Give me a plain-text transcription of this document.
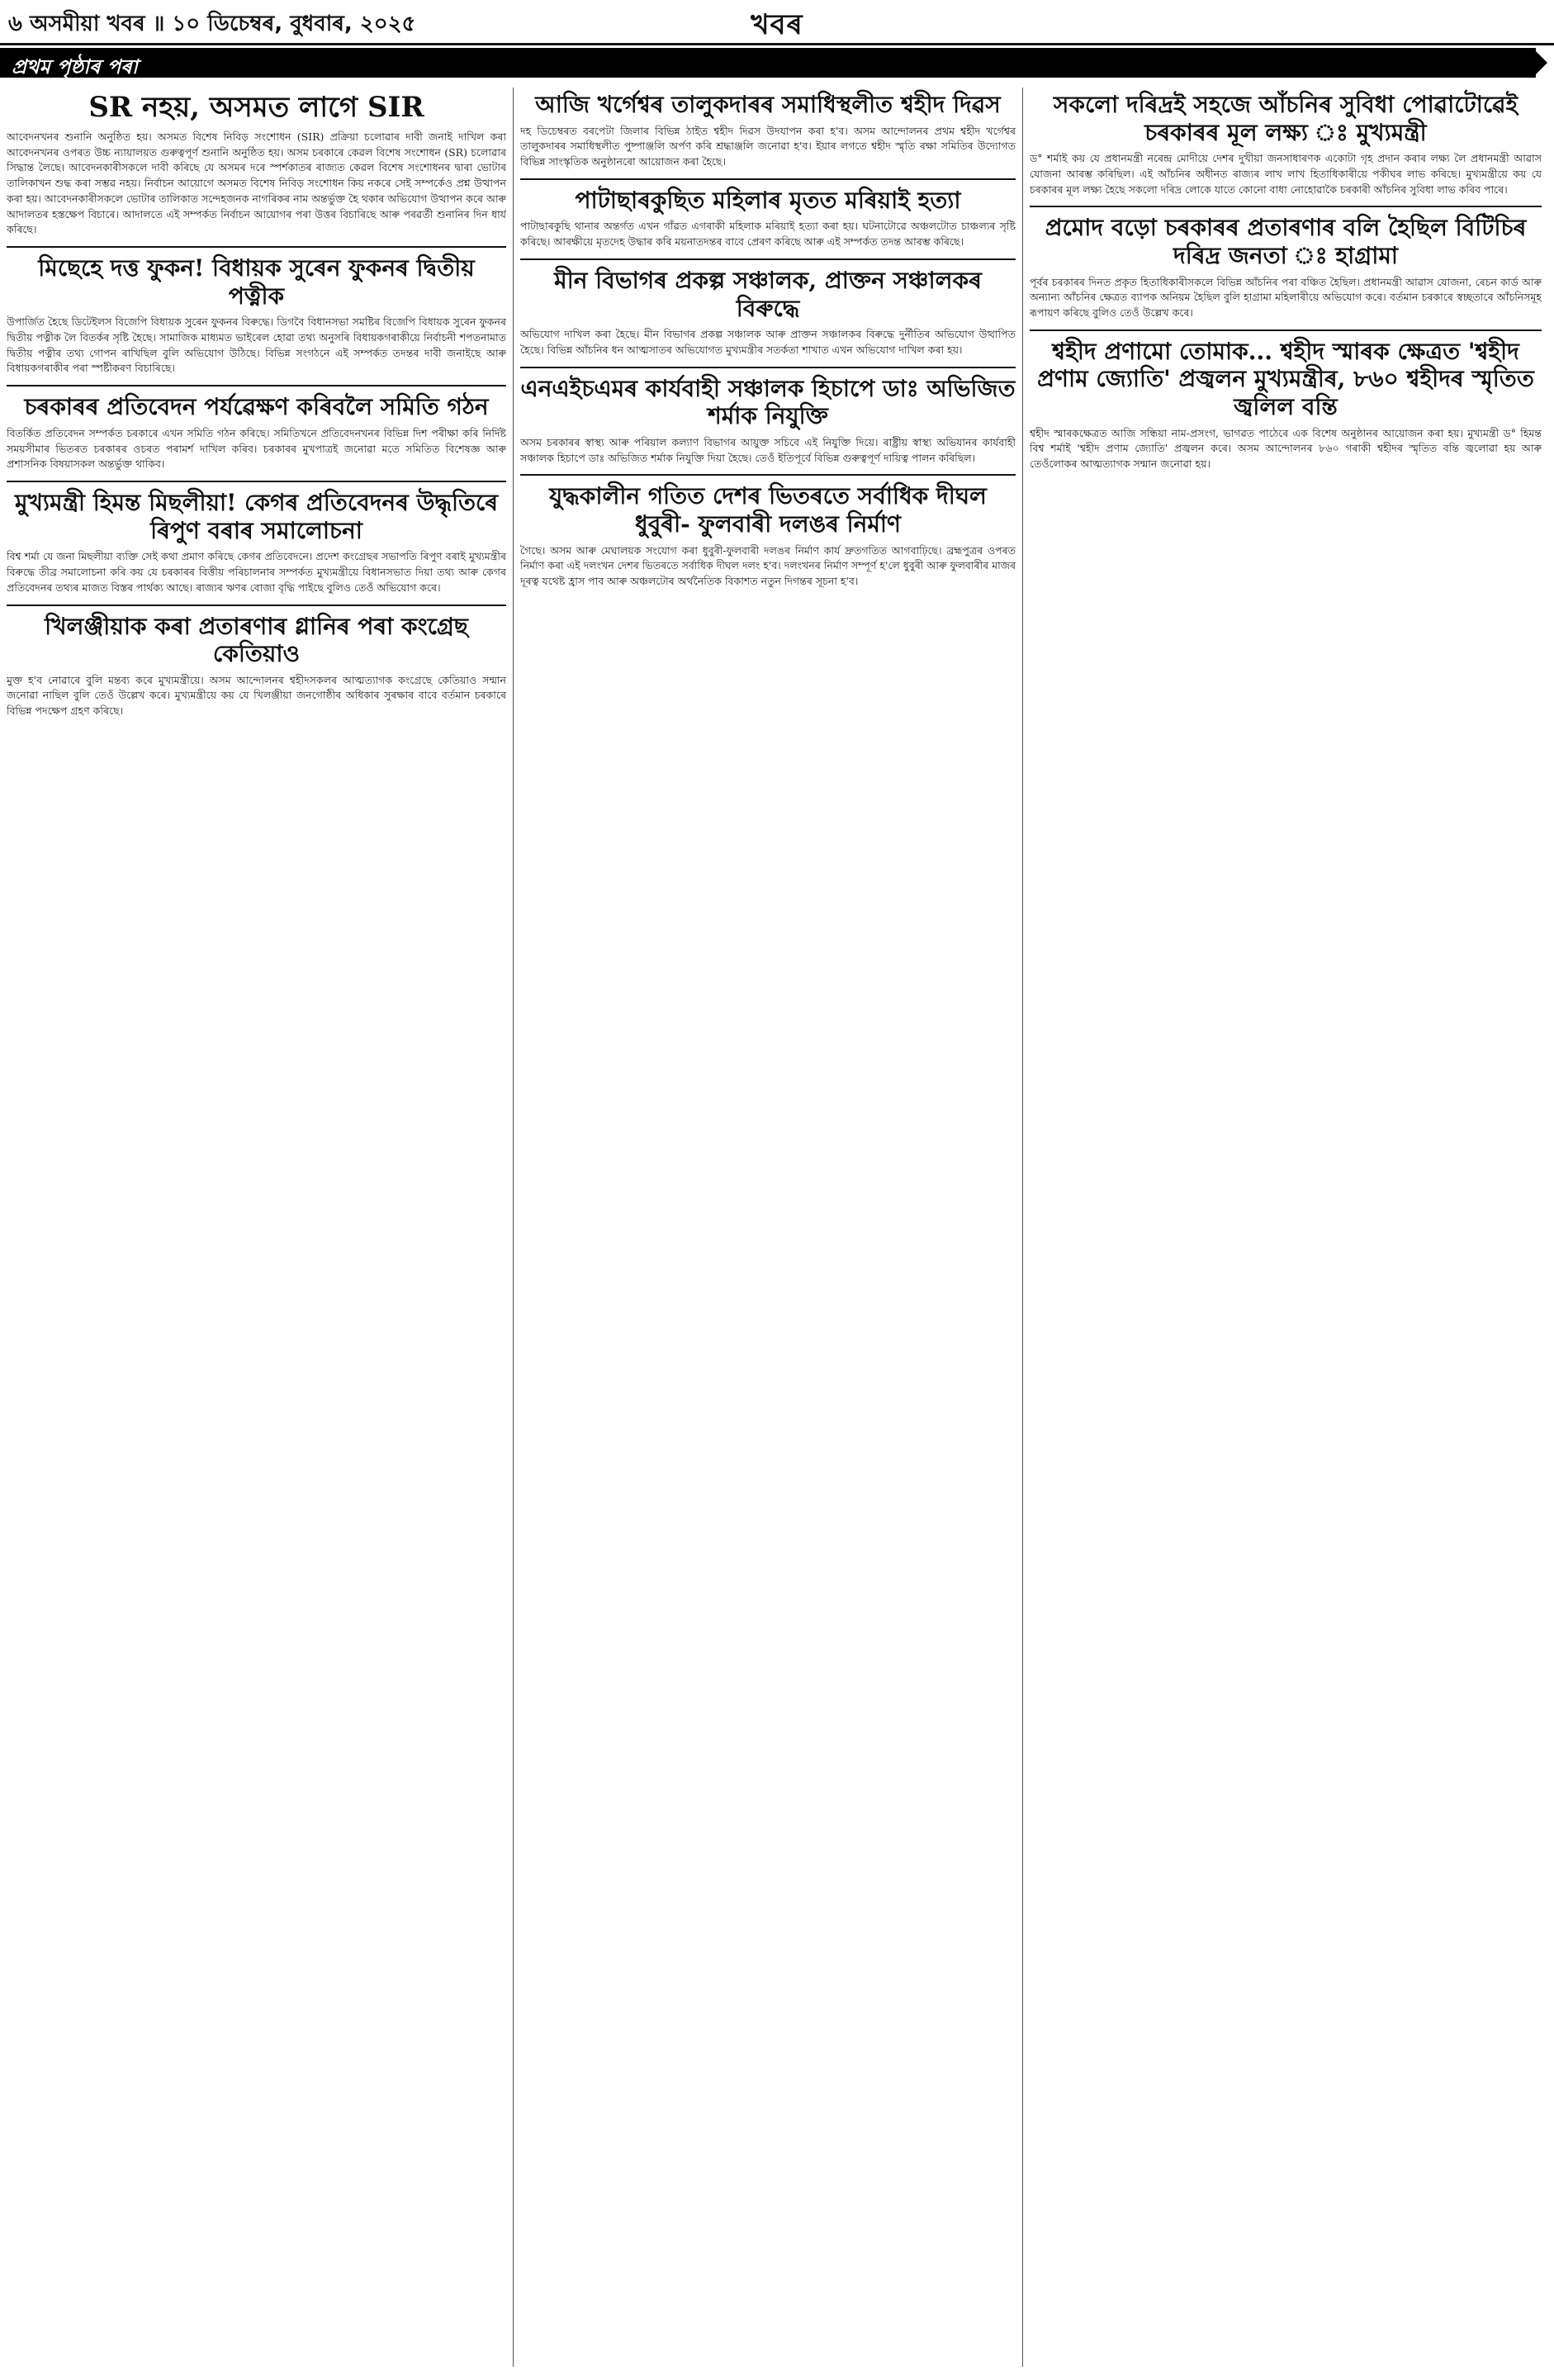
৬ অসমীয়া খবৰ ॥ ১০ ডিচেম্বৰ, বুধবাৰ, ২০২৫	খবৰ
প্ৰথম পৃষ্ঠাৰ পৰা
SR নহয়, অসমত লাগে SIR
আবেদনখনৰ শুনানি অনুষ্ঠিত হয়। অসমত বিশেষ নিবিড় সংশোধন (SIR) প্ৰক্ৰিয়া চলোৱাৰ দাবী জনাই দাখিল কৰা আবেদনখনৰ ওপৰত উচ্চ ন্যায়ালয়ত গুৰুত্বপূৰ্ণ শুনানি অনুষ্ঠিত হয়। অসম চৰকাৰে কেৱল বিশেষ সংশোধন (SR) চলোৱাৰ সিদ্ধান্ত লৈছে। আবেদনকাৰীসকলে দাবী কৰিছে যে অসমৰ দৰে স্পৰ্শকাতৰ ৰাজ্যত কেৱল বিশেষ সংশোধনৰ দ্বাৰা ভোটাৰ তালিকাখন শুদ্ধ কৰা সম্ভৱ নহয়। নিৰ্বাচন আয়োগে অসমত বিশেষ নিবিড় সংশোধন কিয় নকৰে সেই সম্পৰ্কেও প্ৰশ্ন উত্থাপন কৰা হয়। আবেদনকাৰীসকলে ভোটাৰ তালিকাত সন্দেহজনক নাগৰিকৰ নাম অন্তৰ্ভুক্ত হৈ থকাৰ অভিযোগ উত্থাপন কৰে আৰু আদালতৰ হস্তক্ষেপ বিচাৰে। আদালতে এই সম্পৰ্কত নিৰ্বাচন আয়োগৰ পৰা উত্তৰ বিচাৰিছে আৰু পৰৱৰ্তী শুনানিৰ দিন ধাৰ্য কৰিছে।
মিছেহে দত্ত ফুকন! বিধায়ক সুৰেন ফুকনৰ দ্বিতীয় পত্নীক
উপাৰ্জিত হৈছে ডিটেইলস বিজেপি বিধায়ক সুৰেন ফুকনৰ বিৰুদ্ধে। ডিগবৈ বিধানসভা সমষ্টিৰ বিজেপি বিধায়ক সুৰেন ফুকনৰ দ্বিতীয় পত্নীক লৈ বিতৰ্কৰ সৃষ্টি হৈছে। সামাজিক মাধ্যমত ভাইৰেল হোৱা তথ্য অনুসৰি বিধায়কগৰাকীয়ে নিৰ্বাচনী শপতনামাত দ্বিতীয় পত্নীৰ তথ্য গোপন ৰাখিছিল বুলি অভিযোগ উঠিছে। বিভিন্ন সংগঠনে এই সম্পৰ্কত তদন্তৰ দাবী জনাইছে আৰু বিধায়কগৰাকীৰ পৰা স্পষ্টীকৰণ বিচাৰিছে।
চৰকাৰৰ প্ৰতিবেদন পৰ্যৱেক্ষণ কৰিবলৈ সমিতি গঠন
বিতৰ্কিত প্ৰতিবেদন সম্পৰ্কত চৰকাৰে এখন সমিতি গঠন কৰিছে। সমিতিখনে প্ৰতিবেদনখনৰ বিভিন্ন দিশ পৰীক্ষা কৰি নিৰ্দিষ্ট সময়সীমাৰ ভিতৰত চৰকাৰৰ ওচৰত পৰামৰ্শ দাখিল কৰিব। চৰকাৰৰ মুখপাত্ৰই জনোৱা মতে সমিতিত বিশেষজ্ঞ আৰু প্ৰশাসনিক বিষয়াসকল অন্তৰ্ভুক্ত থাকিব।
মুখ্যমন্ত্ৰী হিমন্ত মিছলীয়া! কেগৰ প্ৰতিবেদনৰ উদ্ধৃতিৰে ৰিপুণ বৰাৰ সমালোচনা
বিশ্ব শৰ্মা যে জনা মিছলীয়া ব্যক্তি সেই কথা প্ৰমাণ কৰিছে কেগৰ প্ৰতিবেদনে। প্ৰদেশ কংগ্ৰেছৰ সভাপতি ৰিপুণ বৰাই মুখ্যমন্ত্ৰীৰ বিৰুদ্ধে তীব্ৰ সমালোচনা কৰি কয় যে চৰকাৰৰ বিত্তীয় পৰিচালনাৰ সম্পৰ্কত মুখ্যমন্ত্ৰীয়ে বিধানসভাত দিয়া তথ্য আৰু কেগৰ প্ৰতিবেদনৰ তথ্যৰ মাজত বিস্তৰ পাৰ্থক্য আছে। ৰাজ্যৰ ঋণৰ বোজা বৃদ্ধি পাইছে বুলিও তেওঁ অভিযোগ কৰে।
খিলঞ্জীয়াক কৰা প্ৰতাৰণাৰ গ্লানিৰ পৰা কংগ্ৰেছ কেতিয়াও
মুক্ত হ'ব নোৱাৰে বুলি মন্তব্য কৰে মুখ্যমন্ত্ৰীয়ে। অসম আন্দোলনৰ শ্বহীদসকলৰ আত্মত্যাগক কংগ্ৰেছে কেতিয়াও সন্মান জনোৱা নাছিল বুলি তেওঁ উল্লেখ কৰে। মুখ্যমন্ত্ৰীয়ে কয় যে খিলঞ্জীয়া জনগোষ্ঠীৰ অধিকাৰ সুৰক্ষাৰ বাবে বৰ্তমান চৰকাৰে বিভিন্ন পদক্ষেপ গ্ৰহণ কৰিছে।
আজি খৰ্গেশ্বৰ তালুকদাৰৰ সমাধিস্থলীত শ্বহীদ দিৱস
দহ ডিচেম্বৰত বৰপেটা জিলাৰ বিভিন্ন ঠাইত শ্বহীদ দিৱস উদযাপন কৰা হ'ব। অসম আন্দোলনৰ প্ৰথম শ্বহীদ খৰ্গেশ্বৰ তালুকদাৰৰ সমাধিস্থলীত পুষ্পাঞ্জলি অৰ্পণ কৰি শ্ৰদ্ধাঞ্জলি জনোৱা হ'ব। ইয়াৰ লগতে শ্বহীদ স্মৃতি ৰক্ষা সমিতিৰ উদ্যোগত বিভিন্ন সাংস্কৃতিক অনুষ্ঠানৰো আয়োজন কৰা হৈছে।
পাটাছাৰকুছিত মহিলাৰ মৃতত মৰিয়াই হত্যা
পাটাছাৰকুছি থানাৰ অন্তৰ্গত এখন গাঁৱত এগৰাকী মহিলাক মৰিয়াই হত্যা কৰা হয়। ঘটনাটোৱে অঞ্চলটোত চাঞ্চল্যৰ সৃষ্টি কৰিছে। আৰক্ষীয়ে মৃতদেহ উদ্ধাৰ কৰি ময়নাতদন্তৰ বাবে প্ৰেৰণ কৰিছে আৰু এই সম্পৰ্কত তদন্ত আৰম্ভ কৰিছে।
মীন বিভাগৰ প্ৰকল্প সঞ্চালক, প্ৰাক্তন সঞ্চালকৰ বিৰুদ্ধে
অভিযোগ দাখিল কৰা হৈছে। মীন বিভাগৰ প্ৰকল্প সঞ্চালক আৰু প্ৰাক্তন সঞ্চালকৰ বিৰুদ্ধে দুৰ্নীতিৰ অভিযোগ উত্থাপিত হৈছে। বিভিন্ন আঁচনিৰ ধন আত্মসাতৰ অভিযোগত মুখ্যমন্ত্ৰীৰ সতৰ্কতা শাখাত এখন অভিযোগ দাখিল কৰা হয়।
এনএইচএমৰ কাৰ্যবাহী সঞ্চালক হিচাপে ডাঃ অভিজিত শৰ্মাক নিযুক্তি
অসম চৰকাৰৰ স্বাস্থ্য আৰু পৰিয়াল কল্যাণ বিভাগৰ আয়ুক্ত সচিবে এই নিযুক্তি দিয়ে। ৰাষ্ট্ৰীয় স্বাস্থ্য অভিযানৰ কাৰ্যবাহী সঞ্চালক হিচাপে ডাঃ অভিজিত শৰ্মাক নিযুক্তি দিয়া হৈছে। তেওঁ ইতিপূৰ্বে বিভিন্ন গুৰুত্বপূৰ্ণ দায়িত্ব পালন কৰিছিল।
যুদ্ধকালীন গতিত দেশৰ ভিতৰতে সৰ্বাধিক দীঘল ধুবুৰী- ফুলবাৰী দলঙৰ নিৰ্মাণ
গৈছে। অসম আৰু মেঘালয়ক সংযোগ কৰা ধুবুৰী-ফুলবাৰী দলঙৰ নিৰ্মাণ কাৰ্য দ্ৰুতগতিত আগবাঢ়িছে। ব্ৰহ্মপুত্ৰৰ ওপৰত নিৰ্মাণ কৰা এই দলংখন দেশৰ ভিতৰতে সৰ্বাধিক দীঘল দলং হ'ব। দলংখনৰ নিৰ্মাণ সম্পূৰ্ণ হ'লে ধুবুৰী আৰু ফুলবাৰীৰ মাজৰ দূৰত্ব যথেষ্ট হ্ৰাস পাব আৰু অঞ্চলটোৰ অৰ্থনৈতিক বিকাশত নতুন দিগন্তৰ সূচনা হ'ব।
সকলো দৰিদ্ৰই সহজে আঁচনিৰ সুবিধা পোৱাটোৱেই চৰকাৰৰ মূল লক্ষ্য ঃ মুখ্যমন্ত্ৰী
ড° শৰ্মাই কয় যে প্ৰধানমন্ত্ৰী নৰেন্দ্ৰ মোদীয়ে দেশৰ দুখীয়া জনসাধাৰণক একোটা গৃহ প্ৰদান কৰাৰ লক্ষ্য লৈ প্ৰধানমন্ত্ৰী আৱাস যোজনা আৰম্ভ কৰিছিল। এই আঁচনিৰ অধীনত ৰাজ্যৰ লাখ লাখ হিতাধিকাৰীয়ে পকীঘৰ লাভ কৰিছে। মুখ্যমন্ত্ৰীয়ে কয় যে চৰকাৰৰ মূল লক্ষ্য হৈছে সকলো দৰিদ্ৰ লোকে যাতে কোনো বাধা নোহোৱাকৈ চৰকাৰী আঁচনিৰ সুবিধা লাভ কৰিব পাৰে।
প্ৰমোদ বড়ো চৰকাৰৰ প্ৰতাৰণাৰ বলি হৈছিল বিটিচিৰ দৰিদ্ৰ জনতা ঃ হাগ্ৰামা
পূৰ্বৰ চৰকাৰৰ দিনত প্ৰকৃত হিতাধিকাৰীসকলে বিভিন্ন আঁচনিৰ পৰা বঞ্চিত হৈছিল। প্ৰধানমন্ত্ৰী আৱাস যোজনা, ৰেচন কাৰ্ড আৰু অন্যান্য আঁচনিৰ ক্ষেত্ৰত ব্যাপক অনিয়ম হৈছিল বুলি হাগ্ৰামা মহিলাৰীয়ে অভিযোগ কৰে। বৰ্তমান চৰকাৰে স্বচ্ছতাৰে আঁচনিসমূহ ৰূপায়ণ কৰিছে বুলিও তেওঁ উল্লেখ কৰে।
শ্বহীদ প্ৰণামো তোমাক... শ্বহীদ স্মাৰক ক্ষেত্ৰত 'শ্বহীদ প্ৰণাম জ্যোতি' প্ৰজ্বলন মুখ্যমন্ত্ৰীৰ, ৮৬০ শ্বহীদৰ স্মৃতিত জ্বলিল বন্তি
শ্বহীদ স্মাৰকক্ষেত্ৰত আজি সন্ধিয়া নাম-প্ৰসংগ, ভাগৱত পাঠেৰে এক বিশেষ অনুষ্ঠানৰ আয়োজন কৰা হয়। মুখ্যমন্ত্ৰী ড° হিমন্ত বিশ্ব শৰ্মাই 'শ্বহীদ প্ৰণাম জ্যোতি' প্ৰজ্বলন কৰে। অসম আন্দোলনৰ ৮৬০ গৰাকী শ্বহীদৰ স্মৃতিত বন্তি জ্বলোৱা হয় আৰু তেওঁলোকৰ আত্মত্যাগক সন্মান জনোৱা হয়।
